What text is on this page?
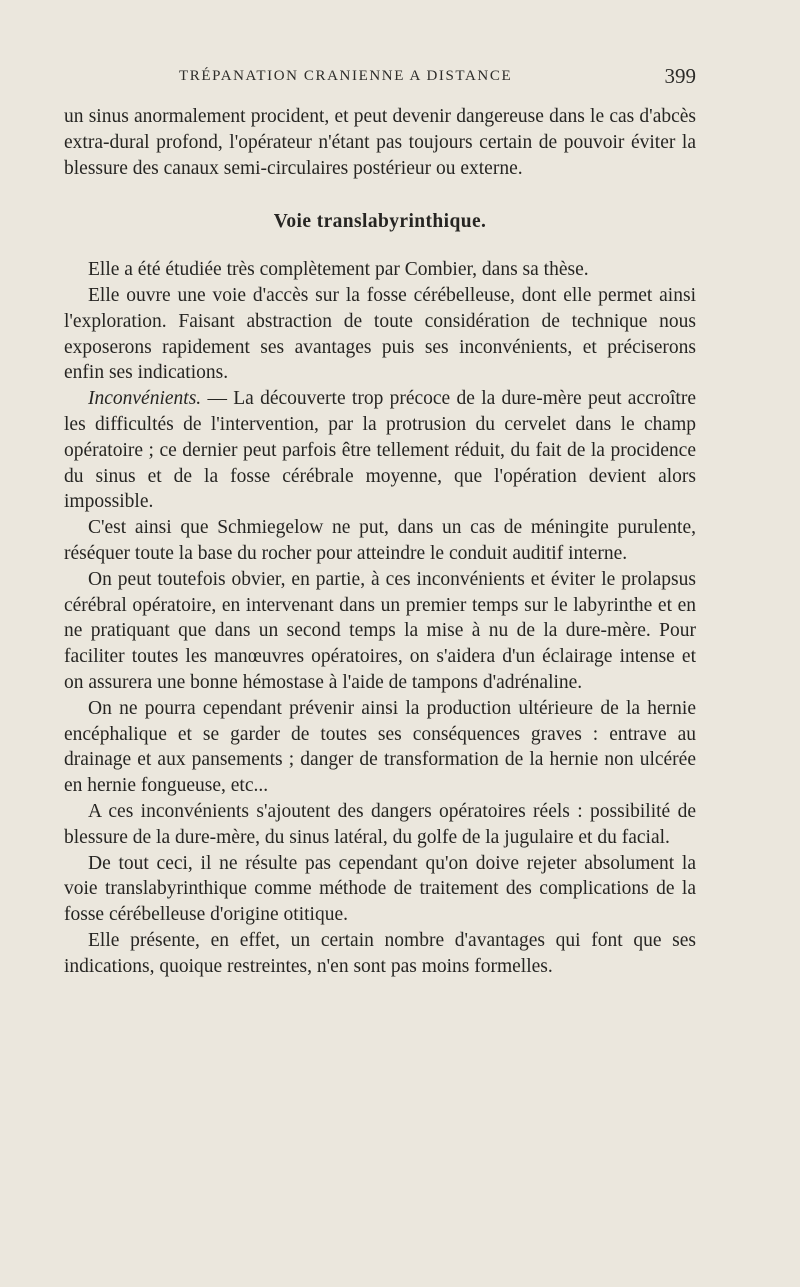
TRÉPANATION CRANIENNE A DISTANCE	399

un sinus anormalement procident, et peut devenir dangereuse dans le cas d'abcès extra-dural profond, l'opérateur n'étant pas toujours certain de pouvoir éviter la blessure des canaux semi-circulaires postérieur ou externe.

Voie translabyrinthique.

Elle a été étudiée très complètement par Combier, dans sa thèse.

Elle ouvre une voie d'accès sur la fosse cérébelleuse, dont elle permet ainsi l'exploration. Faisant abstraction de toute considération de technique nous exposerons rapidement ses avantages puis ses inconvénients, et préciserons enfin ses indications.

Inconvénients. — La découverte trop précoce de la dure-mère peut accroître les difficultés de l'intervention, par la protrusion du cervelet dans le champ opératoire ; ce dernier peut parfois être tellement réduit, du fait de la procidence du sinus et de la fosse cérébrale moyenne, que l'opération devient alors impossible.

C'est ainsi que Schmiegelow ne put, dans un cas de méningite purulente, réséquer toute la base du rocher pour atteindre le conduit auditif interne.

On peut toutefois obvier, en partie, à ces inconvénients et éviter le prolapsus cérébral opératoire, en intervenant dans un premier temps sur le labyrinthe et en ne pratiquant que dans un second temps la mise à nu de la dure-mère. Pour faciliter toutes les manœuvres opératoires, on s'aidera d'un éclairage intense et on assurera une bonne hémostase à l'aide de tampons d'adrénaline.

On ne pourra cependant prévenir ainsi la production ultérieure de la hernie encéphalique et se garder de toutes ses conséquences graves : entrave au drainage et aux pansements ; danger de transformation de la hernie non ulcérée en hernie fongueuse, etc...

A ces inconvénients s'ajoutent des dangers opératoires réels : possibilité de blessure de la dure-mère, du sinus latéral, du golfe de la jugulaire et du facial.

De tout ceci, il ne résulte pas cependant qu'on doive rejeter absolument la voie translabyrinthique comme méthode de traitement des complications de la fosse cérébelleuse d'origine otitique.

Elle présente, en effet, un certain nombre d'avantages qui font que ses indications, quoique restreintes, n'en sont pas moins formelles.
